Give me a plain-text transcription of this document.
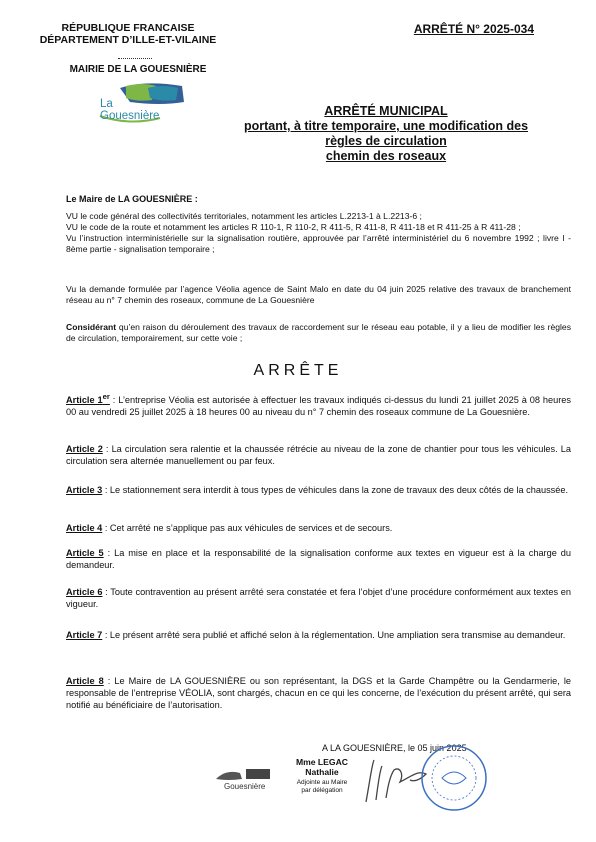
RÉPUBLIQUE FRANCAISE
DÉPARTEMENT D’ILLE-ET-VILAINE
MAIRIE DE LA GOUESNIÈRE
ARRÊTÉ N° 2025-034
La
Gouesnière	ARRÊTÉ MUNICIPAL
portant, à titre temporaire, une modification des
règles de circulation
chemin des roseaux
Le Maire de LA GOUESNIÈRE :
VU le code général des collectivités territoriales, notamment les articles L.2213-1 à L.2213-6 ;
VU le code de la route et notamment les articles R 110-1, R 110-2, R 411-5, R 411-8, R 411-18 et R 411-25 à R 411-28 ;
Vu l’instruction interministérielle sur la signalisation routière, approuvée par l’arrêté interministériel du 6 novembre 1992 ; livre I - 8ème partie - signalisation temporaire ;
Vu la demande formulée par l’agence Véolia agence de Saint Malo en date du 04 juin 2025 relative des travaux de branchement réseau au n° 7 chemin des roseaux, commune de La Gouesnière
Considérant qu’en raison du déroulement des travaux de raccordement sur le réseau eau potable, il y a lieu de modifier les règles de circulation, temporairement, sur cette voie ;
ARRÊTE
Article 1er : L’entreprise Véolia est autorisée à effectuer les travaux indiqués ci-dessus du lundi 21 juillet 2025 à 08 heures 00 au vendredi 25 juillet 2025 à 18 heures 00 au niveau du n° 7 chemin des roseaux commune de La Gouesnière.
Article 2 : La circulation sera ralentie et la chaussée rétrécie au niveau de la zone de chantier pour tous les véhicules. La circulation sera alternée manuellement ou par feux.
Article 3 : Le stationnement sera interdit à tous types de véhicules dans la zone de travaux des deux côtés de la chaussée.
Article 4 : Cet arrêté ne s’applique pas aux véhicules de services et de secours.
Article 5 : La mise en place et la responsabilité de la signalisation conforme aux textes en vigueur est à la charge du demandeur.
Article 6 : Toute contravention au présent arrêté sera constatée et fera l’objet d’une procédure conformément aux textes en vigueur.
Article 7 : Le présent arrêté sera publié et affiché selon à la réglementation. Une ampliation sera transmise au demandeur.
Article 8 : Le Maire de LA GOUESNIÈRE ou son représentant, la DGS et la Garde Champêtre ou la Gendarmerie, le responsable de l’entreprise VÉOLIA, sont chargés, chacun en ce qui les concerne, de l’exécution du présent arrêté, qui sera notifié au bénéficiaire de l’autorisation.
A LA GOUESNIÈRE, le 05 juin 2025
Gouesnière
Mme LEGAC
Nathalie
Adjointe au Maire
par délégation
